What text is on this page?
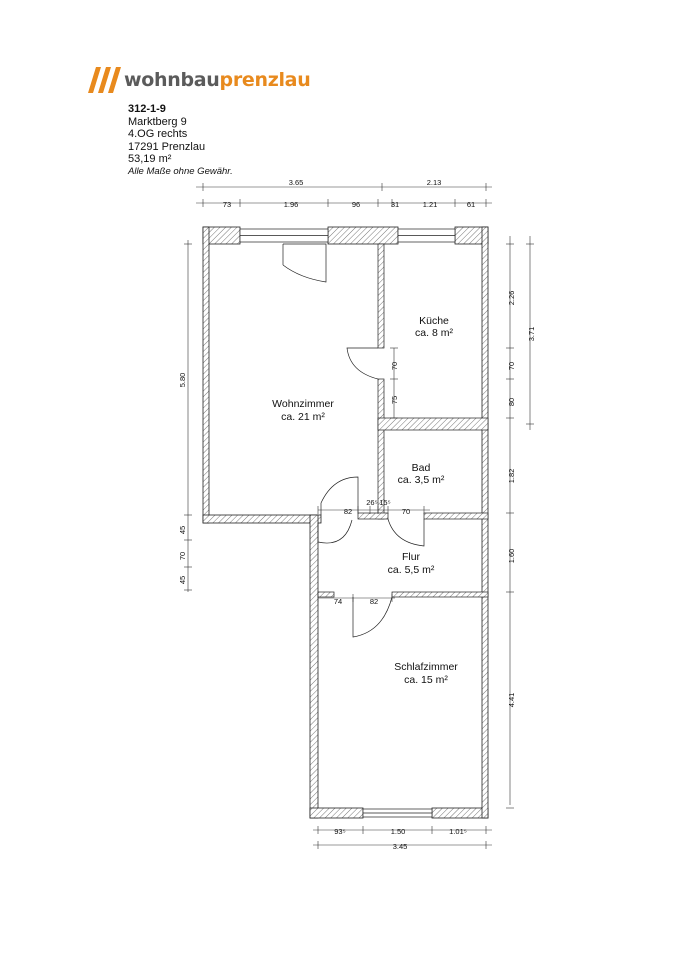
wohnbauprenzlau
312-1-9
Marktberg 9
4.OG rechts
17291 Prenzlau
53,19 m²
Alle Maße ohne Gewähr.
Wohnzimmer
ca. 21 m²
Küche
ca. 8 m²
Bad
ca. 3,5 m²
Flur
ca. 5,5 m²
Schlafzimmer
ca. 15 m²
3.65	2.13
73	1.96	96	31	1.21	61
5.80
45
70
45
2.26
70
80
1.82
1.60
4.41
3.71
70
75
82
26⁵ 15⁵
70
74	82
93⁵	1.50	1.01⁵
3.45
